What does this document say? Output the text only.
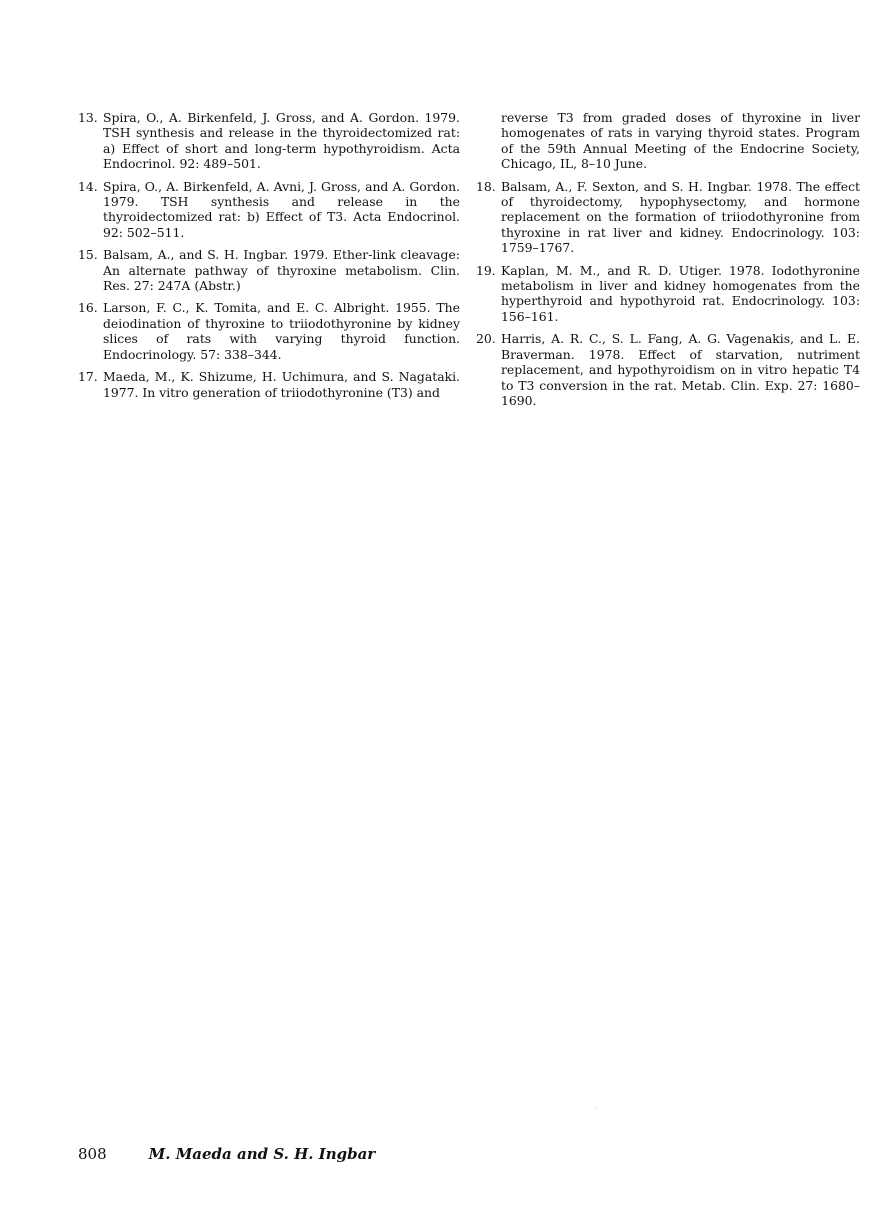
13. Spira, O., A. Birkenfeld, J. Gross, and A. Gordon. 1979. TSH synthesis and release in the thyroidectomized rat: a) Effect of short and long-term hypothyroidism. Acta Endocrinol. 92: 489–501.
14. Spira, O., A. Birkenfeld, A. Avni, J. Gross, and A. Gordon. 1979. TSH synthesis and release in the thyroidectomized rat: b) Effect of T3. Acta Endocrinol. 92: 502–511.
15. Balsam, A., and S. H. Ingbar. 1979. Ether-link cleavage: An alternate pathway of thyroxine metabolism. Clin. Res. 27: 247A (Abstr.)
16. Larson, F. C., K. Tomita, and E. C. Albright. 1955. The deiodination of thyroxine to triiodothyronine by kidney slices of rats with varying thyroid function. Endocrinology. 57: 338–344.
17. Maeda, M., K. Shizume, H. Uchimura, and S. Nagataki. 1977. In vitro generation of triiodothyronine (T3) and
reverse T3 from graded doses of thyroxine in liver homogenates of rats in varying thyroid states. Program of the 59th Annual Meeting of the Endocrine Society, Chicago, IL, 8–10 June.
18. Balsam, A., F. Sexton, and S. H. Ingbar. 1978. The effect of thyroidectomy, hypophysectomy, and hormone replacement on the formation of triiodothyronine from thyroxine in rat liver and kidney. Endocrinology. 103: 1759–1767.
19. Kaplan, M. M., and R. D. Utiger. 1978. Iodothyronine metabolism in liver and kidney homogenates from the hyperthyroid and hypothyroid rat. Endocrinology. 103: 156–161.
20. Harris, A. R. C., S. L. Fang, A. G. Vagenakis, and L. E. Braverman. 1978. Effect of starvation, nutriment replacement, and hypothyroidism on in vitro hepatic T4 to T3 conversion in the rat. Metab. Clin. Exp. 27: 1680–1690.
808	M. Maeda and S. H. Ingbar
